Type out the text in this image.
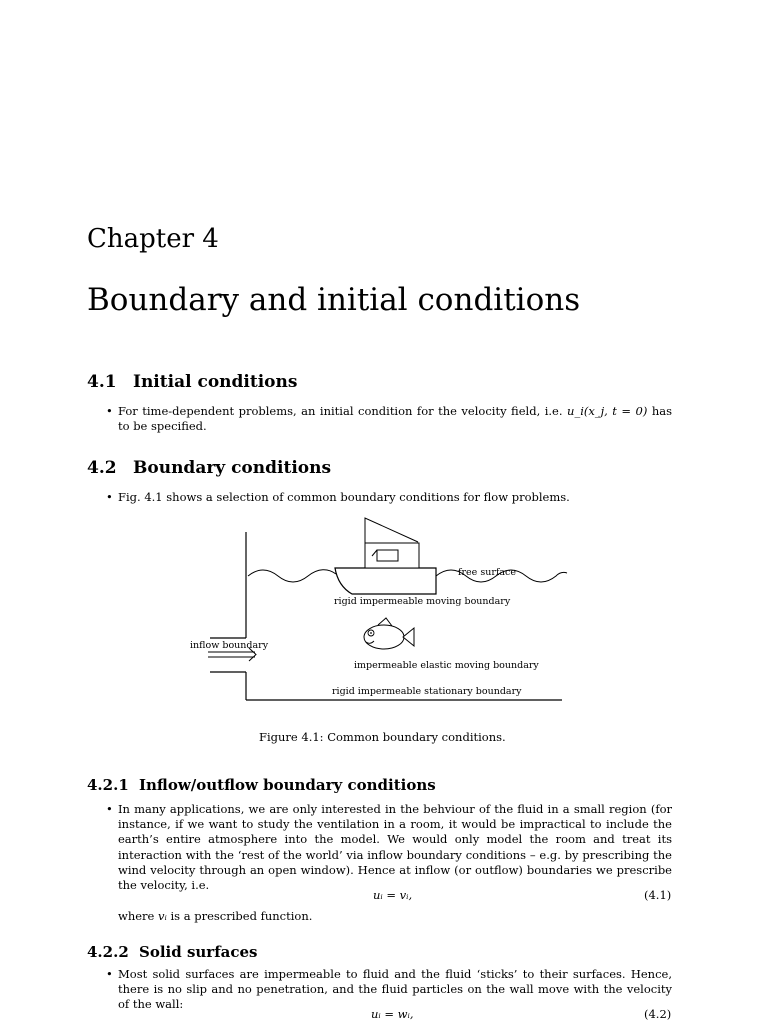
Chapter 4
Boundary and initial conditions
4.1 Initial conditions
• For time-dependent problems, an initial condition for the velocity field, i.e. u_i(x_j, t = 0) has to be specified.
4.2 Boundary conditions
• Fig. 4.1 shows a selection of common boundary conditions for flow problems.
free surface
rigid impermeable moving boundary
inflow boundary
impermeable elastic moving boundary
rigid impermeable stationary boundary
Figure 4.1: Common boundary conditions.
4.2.1 Inflow/outflow boundary conditions
• In many applications, we are only interested in the behviour of the fluid in a small region (for instance, if we want to study the ventilation in a room, it would be impractical to include the earth’s entire atmosphere into the model. We would only model the room and treat its interaction with the ‘rest of the world’ via inflow boundary conditions – e.g. by prescribing the wind velocity through an open window). Hence at inflow (or outflow) boundaries we prescribe the velocity, i.e.
uᵢ = vᵢ,	(4.1)
where vᵢ is a prescribed function.
4.2.2 Solid surfaces
• Most solid surfaces are impermeable to fluid and the fluid ‘sticks’ to their surfaces. Hence, there is no slip and no penetration, and the fluid particles on the wall move with the velocity of the wall:
uᵢ = wᵢ,	(4.2)
